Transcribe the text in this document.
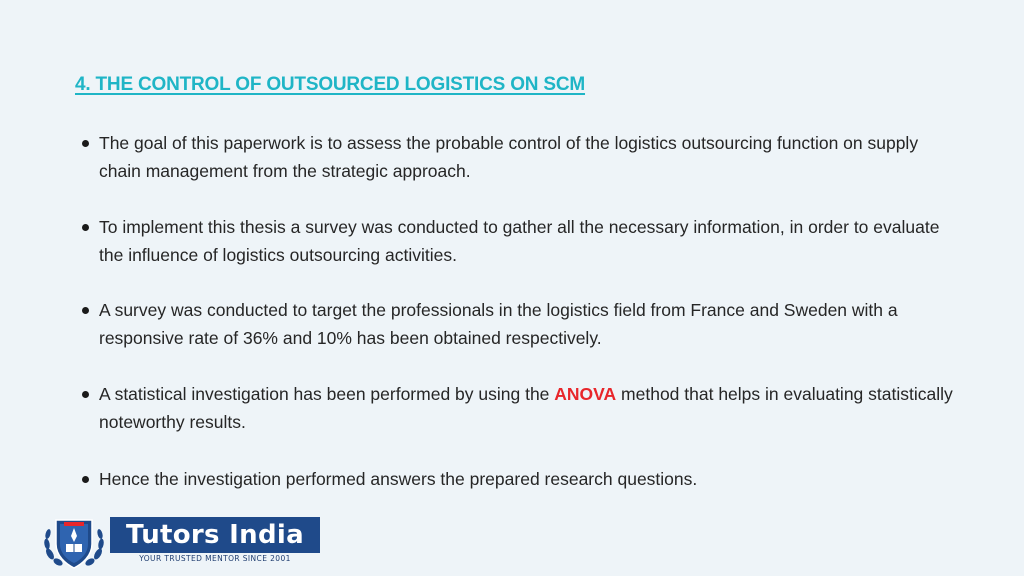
4. THE CONTROL OF OUTSOURCED LOGISTICS ON SCM
The goal of this paperwork is to assess the probable control of the logistics outsourcing function on supply chain management from the strategic approach.
To implement this thesis a survey was conducted to gather all the necessary information, in order to evaluate the influence of logistics outsourcing activities.
A survey was conducted to target the professionals in the logistics field from France and Sweden with a responsive rate of 36% and 10% has been obtained respectively.
A statistical investigation has been performed by using the ANOVA method that helps in evaluating statistically noteworthy results.
Hence the investigation performed answers the prepared research questions.
Tutors India
YOUR TRUSTED MENTOR SINCE 2001
